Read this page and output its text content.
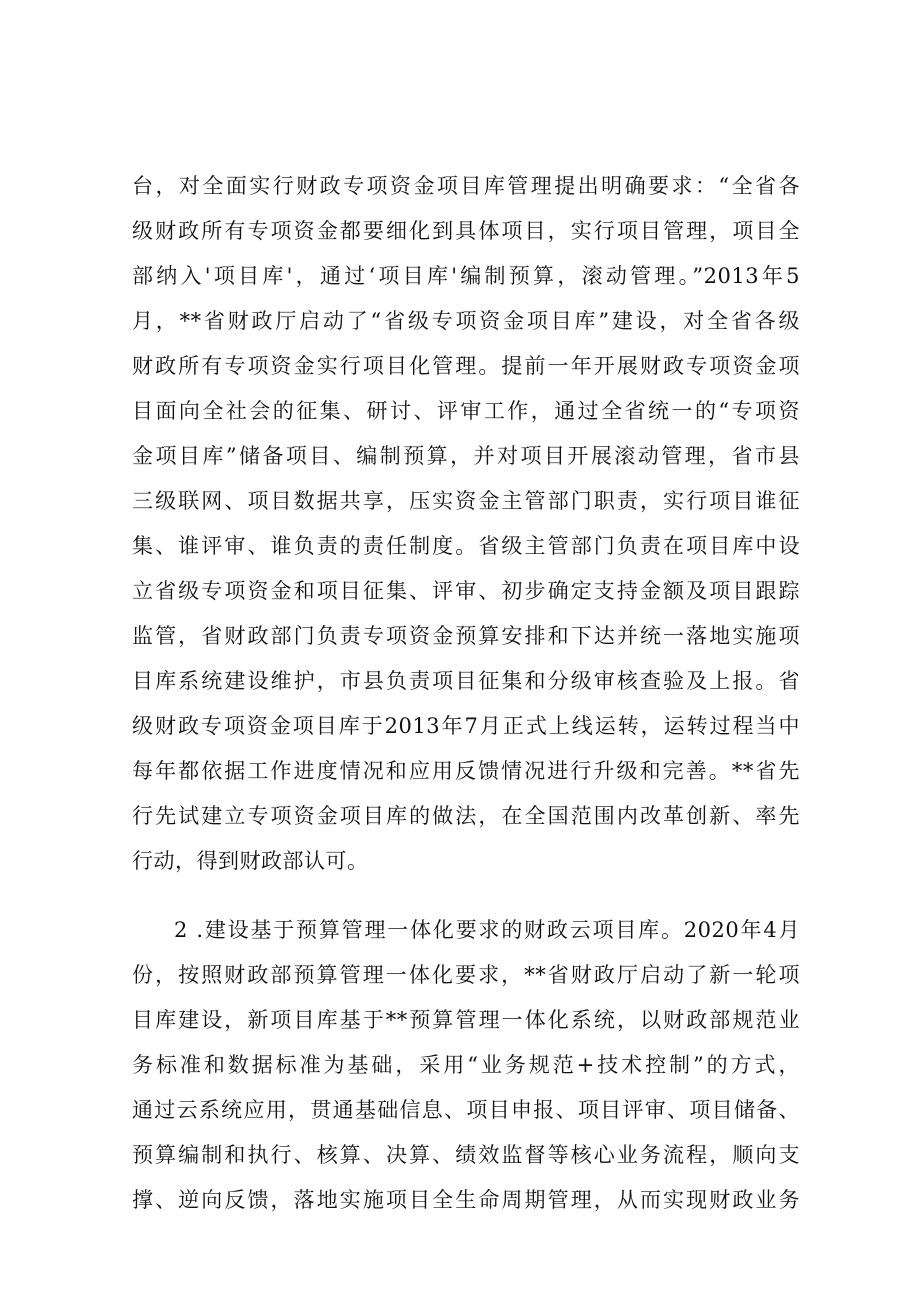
台，对全面实行财政专项资金项目库管理提出明确要求：“全省各
级财政所有专项资金都要细化到具体项目，实行项目管理，项目全
部纳入'项目库'，通过‘项目库'编制预算，滚动管理。”2013年5
月，**省财政厅启动了“省级专项资金项目库”建设，对全省各级
财政所有专项资金实行项目化管理。提前一年开展财政专项资金项
目面向全社会的征集、研讨、评审工作，通过全省统一的“专项资
金项目库”储备项目、编制预算，并对项目开展滚动管理，省市县
三级联网、项目数据共享，压实资金主管部门职责，实行项目谁征
集、谁评审、谁负责的责任制度。省级主管部门负责在项目库中设
立省级专项资金和项目征集、评审、初步确定支持金额及项目跟踪
监管，省财政部门负责专项资金预算安排和下达并统一落地实施项
目库系统建设维护，市县负责项目征集和分级审核查验及上报。省
级财政专项资金项目库于2013年7月正式上线运转，运转过程当中
每年都依据工作进度情况和应用反馈情况进行升级和完善。**省先
行先试建立专项资金项目库的做法，在全国范围内改革创新、率先
行动，得到财政部认可。
2 .建设基于预算管理一体化要求的财政云项目库。2020年4月
份，按照财政部预算管理一体化要求，**省财政厅启动了新一轮项
目库建设，新项目库基于**预算管理一体化系统，以财政部规范业
务标准和数据标准为基础，采用“业务规范+技术控制”的方式，
通过云系统应用，贯通基础信息、项目申报、项目评审、项目储备、
预算编制和执行、核算、决算、绩效监督等核心业务流程，顺向支
撑、逆向反馈，落地实施项目全生命周期管理，从而实现财政业务
